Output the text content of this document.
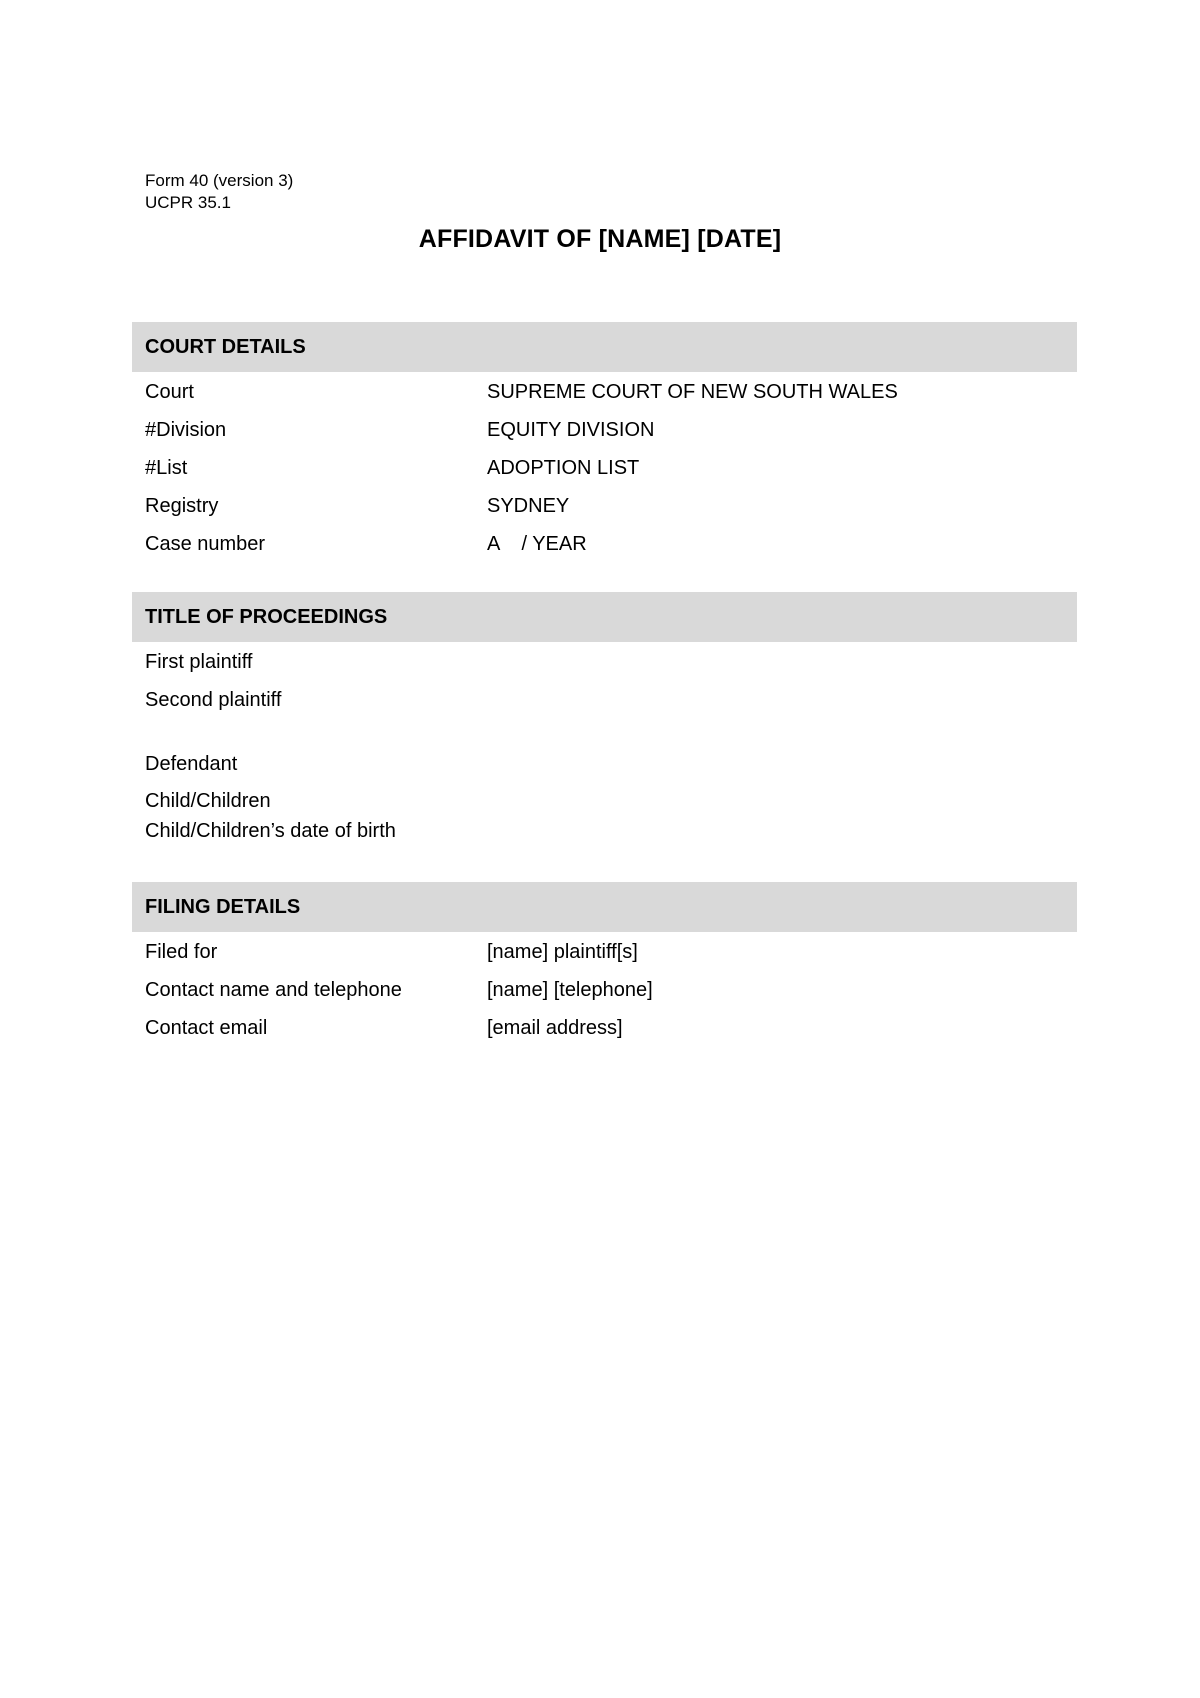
Form 40 (version 3)
UCPR 35.1
AFFIDAVIT OF [NAME] [DATE]
COURT DETAILS
Court	SUPREME COURT OF NEW SOUTH WALES
#Division	EQUITY DIVISION
#List	ADOPTION LIST
Registry	SYDNEY
Case number	A    / YEAR
TITLE OF PROCEEDINGS
First plaintiff
Second plaintiff
Defendant
Child/Children
Child/Children’s date of birth
FILING DETAILS
Filed for	[name] plaintiff[s]
Contact name and telephone	[name] [telephone]
Contact email	[email address]
